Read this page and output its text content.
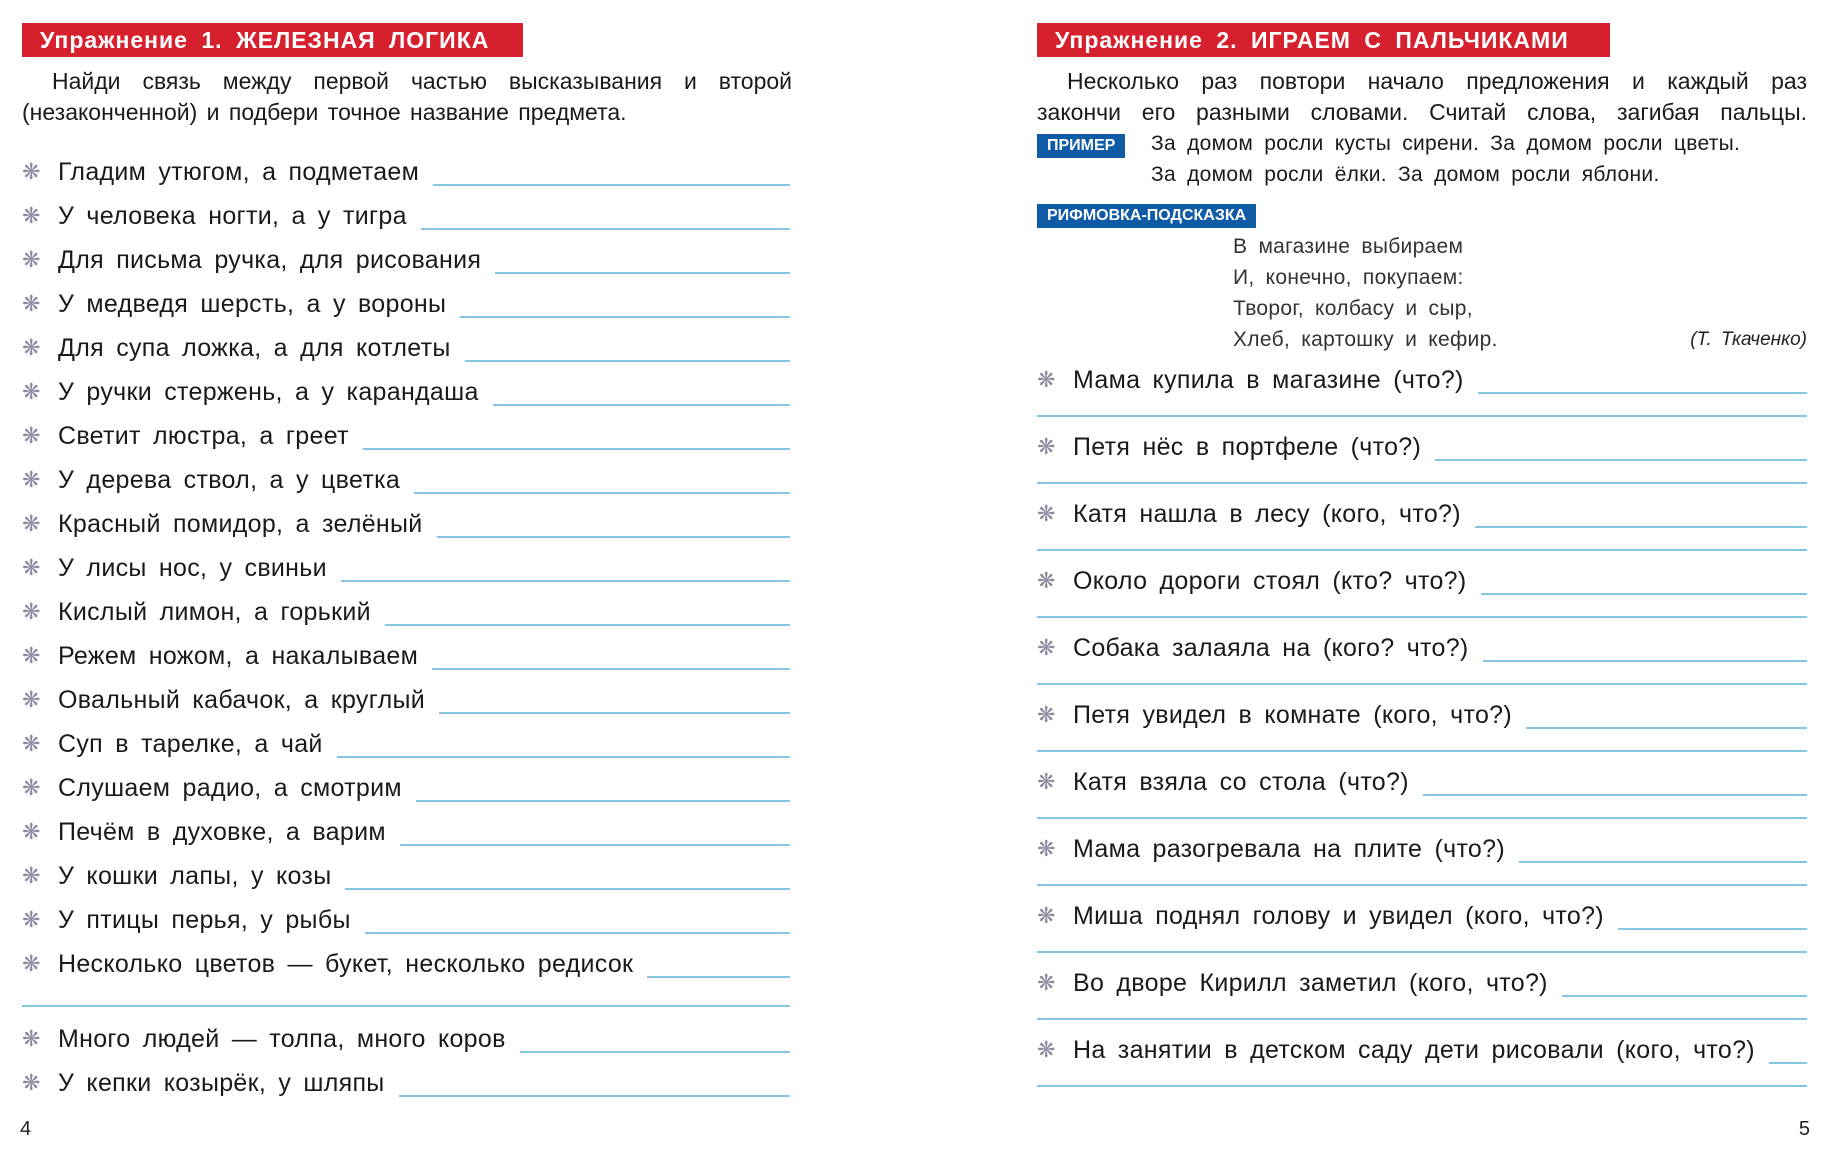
Упражнение 1. ЖЕЛЕЗНАЯ ЛОГИКА
Найди связь между первой частью высказывания и второй
(незаконченной) и подбери точное название предмета.
❋ Гладим утюгом, а подметаем
❋ У человека ногти, а у тигра
❋ Для письма ручка, для рисования
❋ У медведя шерсть, а у вороны
❋ Для супа ложка, а для котлеты
❋ У ручки стержень, а у карандаша
❋ Светит люстра, а греет
❋ У дерева ствол, а у цветка
❋ Красный помидор, а зелёный
❋ У лисы нос, у свиньи
❋ Кислый лимон, а горький
❋ Режем ножом, а накалываем
❋ Овальный кабачок, а круглый
❋ Суп в тарелке, а чай
❋ Слушаем радио, а смотрим
❋ Печём в духовке, а варим
❋ У кошки лапы, у козы
❋ У птицы перья, у рыбы
❋ Несколько цветов — букет, несколько редисок
❋ Много людей — толпа, много коров
❋ У кепки козырёк, у шляпы
4
Упражнение 2. ИГРАЕМ С ПАЛЬЧИКАМИ
Несколько раз повтори начало предложения и каждый раз
закончи его разными словами. Считай слова, загибая пальцы.
ПРИМЕР	За домом росли кусты сирени. За домом росли цветы.
За домом росли ёлки. За домом росли яблони.
РИФМОВКА-ПОДСКАЗКА
В магазине выбираем
И, конечно, покупаем:
Творог, колбасу и сыр,
Хлеб, картошку и кефир.	(Т. Ткаченко)
❋ Мама купила в магазине (что?)
❋ Петя нёс в портфеле (что?)
❋ Катя нашла в лесу (кого, что?)
❋ Около дороги стоял (кто? что?)
❋ Собака залаяла на (кого? что?)
❋ Петя увидел в комнате (кого, что?)
❋ Катя взяла со стола (что?)
❋ Мама разогревала на плите (что?)
❋ Миша поднял голову и увидел (кого, что?)
❋ Во дворе Кирилл заметил (кого, что?)
❋ На занятии в детском саду дети рисовали (кого, что?)
5
